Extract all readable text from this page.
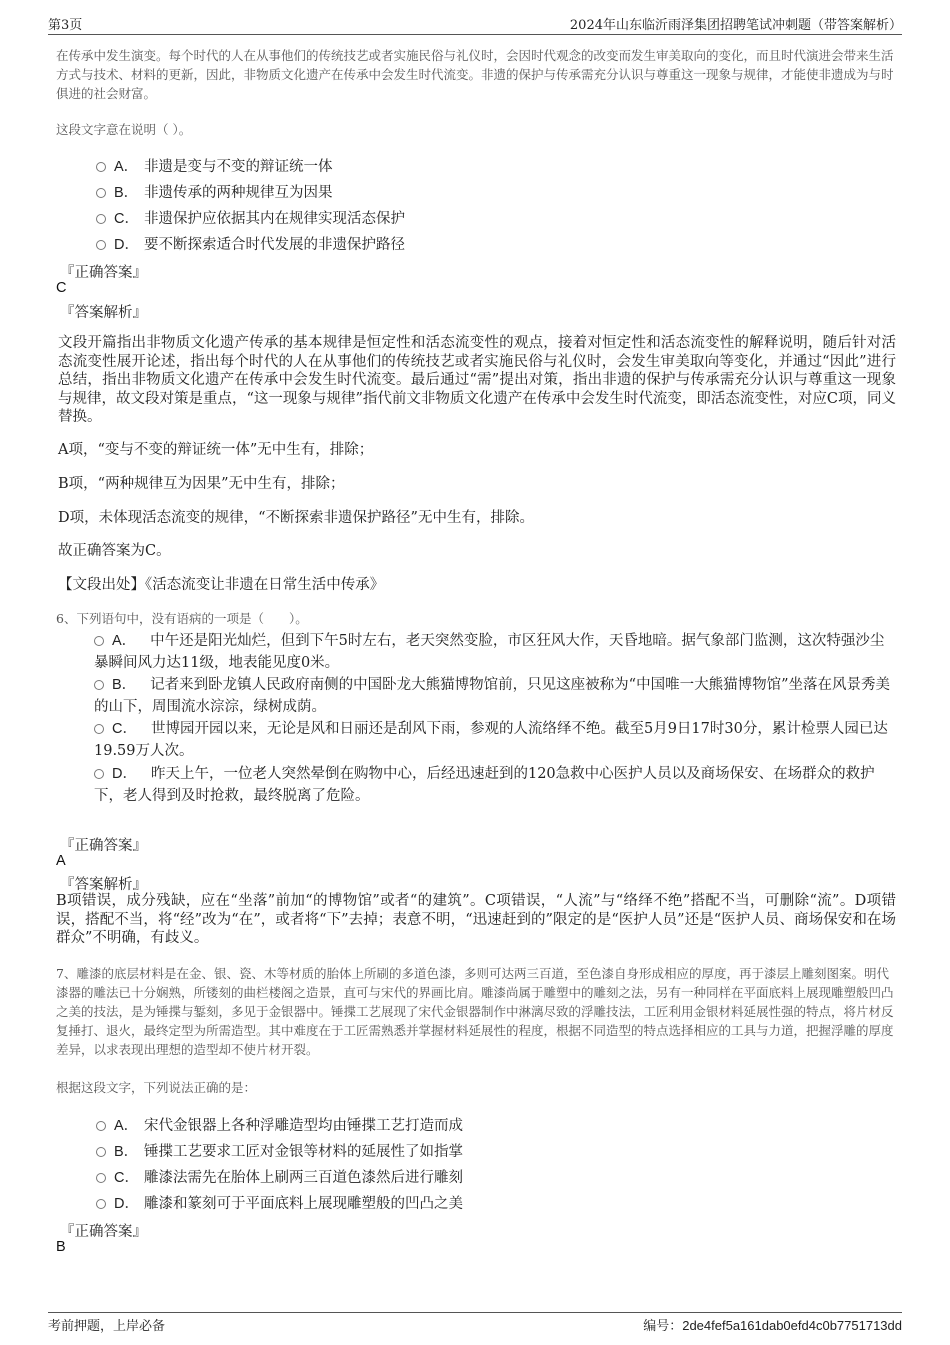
第3页	2024年山东临沂雨泽集团招聘笔试冲刺题（带答案解析）
在传承中发生演变。每个时代的人在从事他们的传统技艺或者实施民俗与礼仪时，会因时代观念的改变而发生审美取向的变化，而且时代演进会带来生活方式与技术、材料的更新，因此，非物质文化遗产在传承中会发生时代流变。非遗的保护与传承需充分认识与尊重这一现象与规律，才能使非遗成为与时俱进的社会财富。
这段文字意在说明（ ）。
A． 非遗是变与不变的辩证统一体
B． 非遗传承的两种规律互为因果
C． 非遗保护应依据其内在规律实现活态保护
D． 要不断探索适合时代发展的非遗保护路径
『正确答案』
C
『答案解析』
文段开篇指出非物质文化遗产传承的基本规律是恒定性和活态流变性的观点，接着对恒定性和活态流变性的解释说明，随后针对活态流变性展开论述，指出每个时代的人在从事他们的传统技艺或者实施民俗与礼仪时，会发生审美取向等变化，并通过“因此”进行总结，指出非物质文化遗产在传承中会发生时代流变。最后通过“需”提出对策，指出非遗的保护与传承需充分认识与尊重这一现象与规律，故文段对策是重点，“这一现象与规律”指代前文非物质文化遗产在传承中会发生时代流变，即活态流变性，对应C项，同义替换。
A项，“变与不变的辩证统一体”无中生有，排除；
B项，“两种规律互为因果”无中生有，排除；
D项，未体现活态流变的规律，“不断探索非遗保护路径”无中生有，排除。
故正确答案为C。
【文段出处】《活态流变让非遗在日常生活中传承》
6、下列语句中，没有语病的一项是（　　）。
A． 中午还是阳光灿烂，但到下午5时左右，老天突然变脸，市区狂风大作，天昏地暗。据气象部门监测，这次特强沙尘暴瞬间风力达11级，地表能见度0米。
B． 记者来到卧龙镇人民政府南侧的中国卧龙大熊猫博物馆前，只见这座被称为“中国唯一大熊猫博物馆”坐落在风景秀美的山下，周围流水淙淙，绿树成荫。
C． 世博园开园以来，无论是风和日丽还是刮风下雨，参观的人流络绎不绝。截至5月9日17时30分，累计检票人园已达19.59万人次。
D． 昨天上午，一位老人突然晕倒在购物中心，后经迅速赶到的120急救中心医护人员以及商场保安、在场群众的救护下，老人得到及时抢救，最终脱离了危险。
『正确答案』
A
『答案解析』
B项错误，成分残缺，应在“坐落”前加“的博物馆”或者“的建筑”。C项错误，“人流”与“络绎不绝”搭配不当，可删除“流”。D项错误，搭配不当，将“经”改为“在”，或者将“下”去掉；表意不明，“迅速赶到的”限定的是“医护人员”还是“医护人员、商场保安和在场群众”不明确，有歧义。
7、雕漆的底层材料是在金、银、瓷、木等材质的胎体上所刷的多道色漆，多则可达两三百道，至色漆自身形成相应的厚度，再于漆层上雕刻图案。明代漆器的雕法已十分娴熟，所镂刻的曲栏楼阁之造景，直可与宋代的界画比肩。雕漆尚属于雕塑中的雕刻之法，另有一种同样在平面底料上展现雕塑般凹凸之美的技法，是为锤揲与錾刻，多见于金银器中。锤揲工艺展现了宋代金银器制作中淋漓尽致的浮雕技法，工匠利用金银材料延展性强的特点，将片材反复捶打、退火，最终定型为所需造型。其中难度在于工匠需熟悉并掌握材料延展性的程度，根据不同造型的特点选择相应的工具与力道，把握浮雕的厚度差异，以求表现出理想的造型却不使片材开裂。
根据这段文字，下列说法正确的是：
A． 宋代金银器上各种浮雕造型均由锤揲工艺打造而成
B． 锤揲工艺要求工匠对金银等材料的延展性了如指掌
C． 雕漆法需先在胎体上刷两三百道色漆然后进行雕刻
D． 雕漆和篆刻可于平面底料上展现雕塑般的凹凸之美
『正确答案』
B
考前押题，上岸必备	编号：2de4fef5a161dab0efd4c0b7751713dd
